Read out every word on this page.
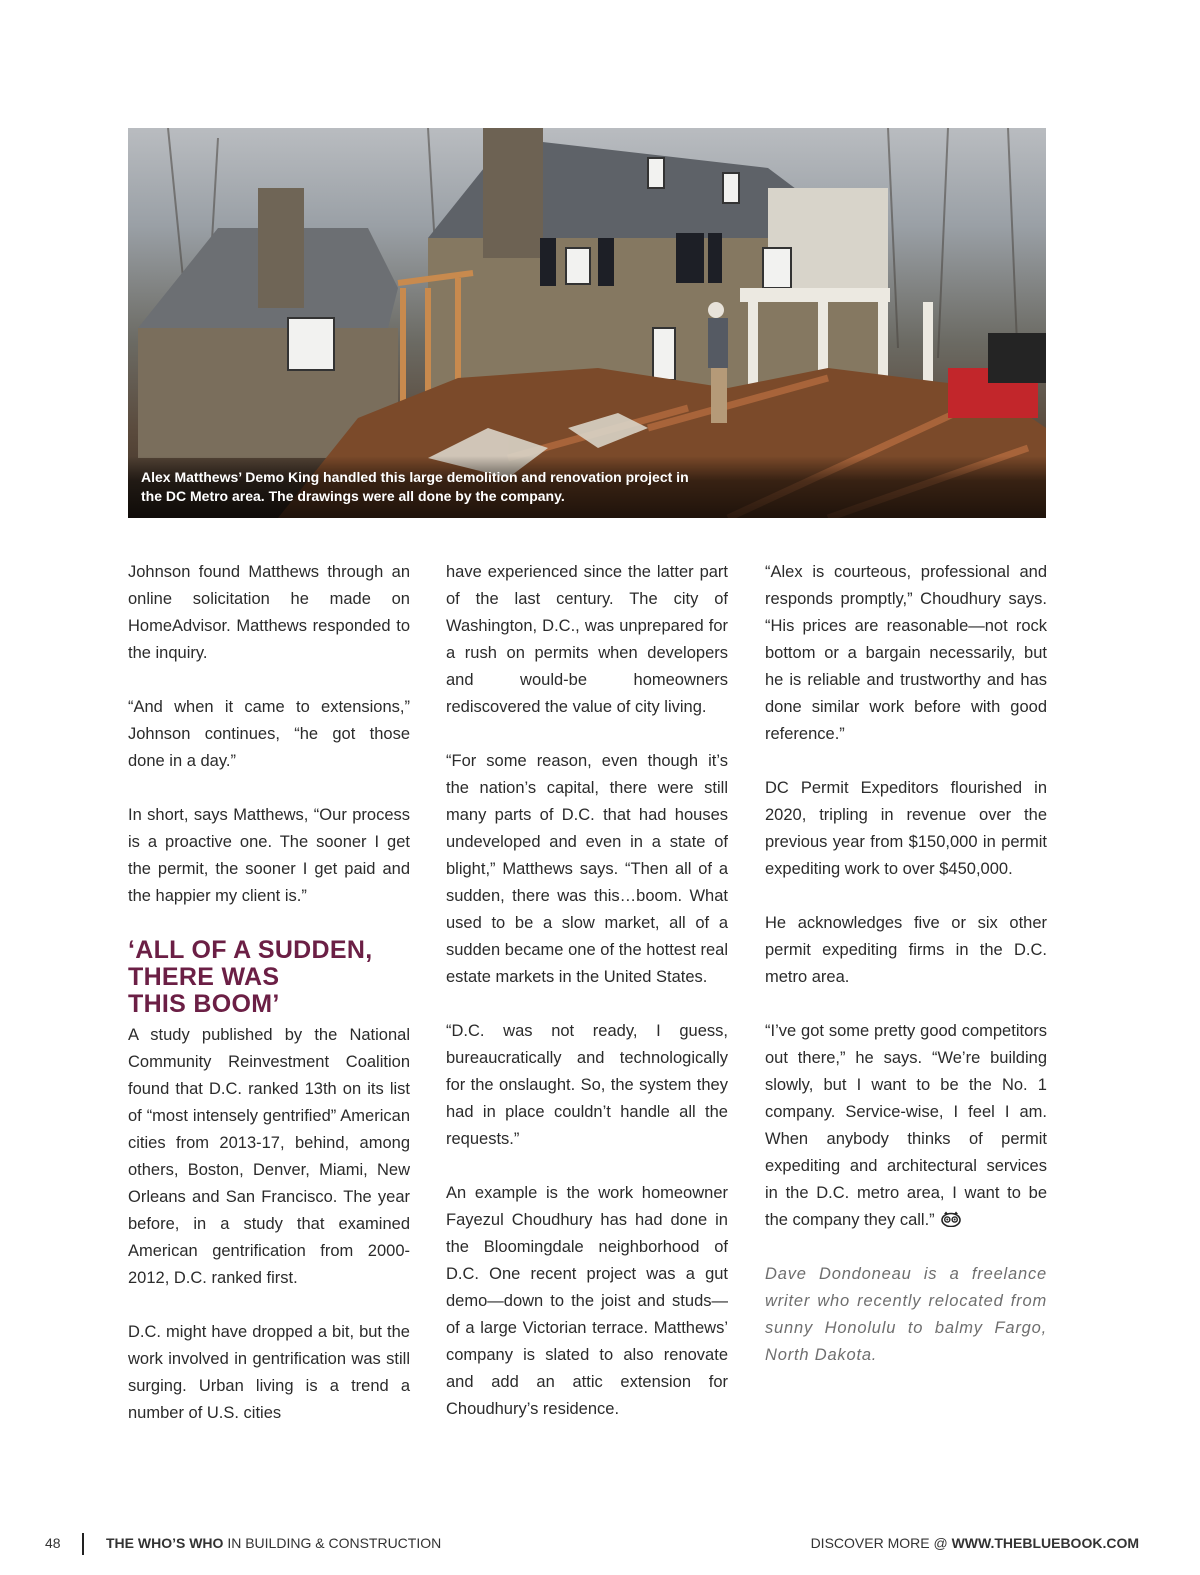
Alex Matthews’ Demo King handled this large demolition and renovation project in the DC Metro area. The drawings were all done by the company.

Johnson found Matthews through an online solicitation he made on HomeAdvisor. Matthews responded to the inquiry.

“And when it came to extensions,” Johnson continues, “he got those done in a day.”

In short, says Matthews, “Our process is a proactive one. The sooner I get the permit, the sooner I get paid and the happier my client is.”

‘ALL OF A SUDDEN,
THERE WAS
THIS BOOM’

A study published by the National Community Reinvestment Coalition found that D.C. ranked 13th on its list of “most intensely gentrified” American cities from 2013-17, behind, among others, Boston, Denver, Miami, New Orleans and San Francisco. The year before, in a study that examined American gentrification from 2000-2012, D.C. ranked first.

D.C. might have dropped a bit, but the work involved in gentrification was still surging. Urban living is a trend a number of U.S. cities

have experienced since the latter part of the last century. The city of Washington, D.C., was unprepared for a rush on permits when developers and would-be homeowners rediscovered the value of city living.

“For some reason, even though it’s the nation’s capital, there were still many parts of D.C. that had houses undeveloped and even in a state of blight,” Matthews says. “Then all of a sudden, there was this…boom. What used to be a slow market, all of a sudden became one of the hottest real estate markets in the United States.

“D.C. was not ready, I guess, bureaucratically and technologically for the onslaught. So, the system they had in place couldn’t handle all the requests.”

An example is the work homeowner Fayezul Choudhury has had done in the Bloomingdale neighborhood of D.C. One recent project was a gut demo—down to the joist and studs—of a large Victorian terrace. Matthews’ company is slated to also renovate and add an attic extension for Choudhury’s residence.

“Alex is courteous, professional and responds promptly,” Choudhury says. “His prices are reasonable—not rock bottom or a bargain necessarily, but he is reliable and trustworthy and has done similar work before with good reference.”

DC Permit Expeditors flourished in 2020, tripling in revenue over the previous year from $150,000 in permit expediting work to over $450,000.

He acknowledges five or six other permit expediting firms in the D.C. metro area.

“I’ve got some pretty good competitors out there,” he says. “We’re building slowly, but I want to be the No. 1 company. Service-wise, I feel I am. When anybody thinks of permit expediting and architectural services in the D.C. metro area, I want to be the company they call.”

Dave Dondoneau is a freelance writer who recently relocated from sunny Honolulu to balmy Fargo, North Dakota.

48	THE WHO’S WHO IN BUILDING & CONSTRUCTION	DISCOVER MORE @ WWW.THEBLUEBOOK.COM
